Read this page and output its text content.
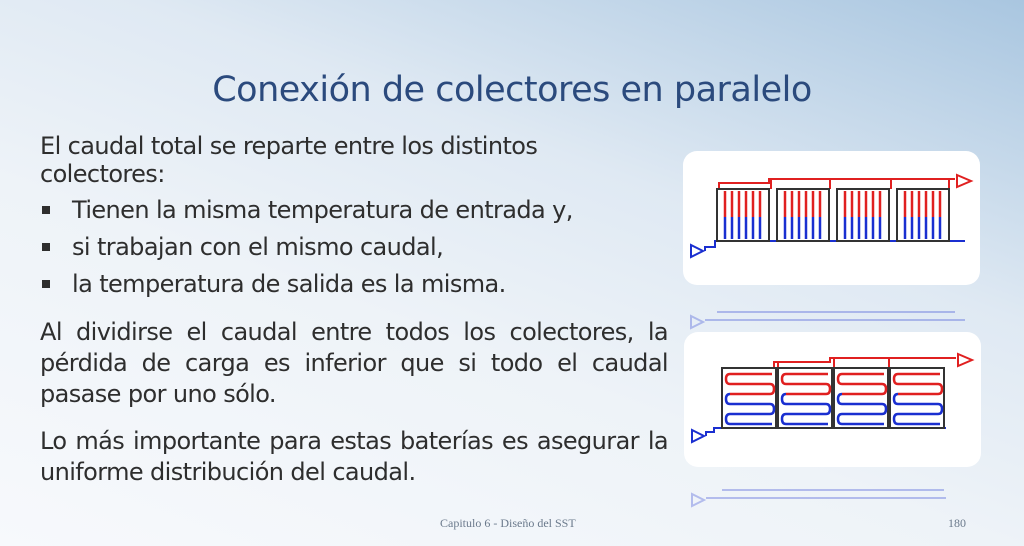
Conexión de colectores en paralelo

El caudal total se reparte entre los distintos colectores:

Tienen la misma temperatura de entrada y,
si trabajan con el mismo caudal,
la temperatura de salida es la misma.

Al dividirse el caudal entre todos los colectores, la pérdida de carga es inferior que si todo el caudal pasase por uno sólo.

Lo más importante para estas baterías es asegurar la uniforme distribución del caudal.

Capitulo 6 - Diseño del SST	180
